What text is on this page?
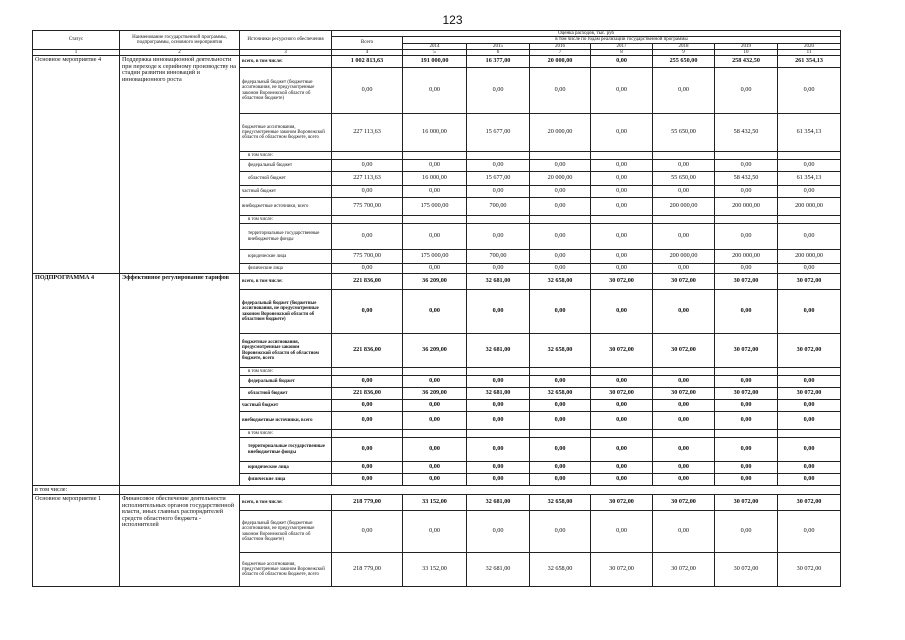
123
Статус	Наименование государственной программы, подпрограммы, основного мероприятия	Источники ресурсного обеспечения	Оценка расходов, тыс. руб							
			Всего	в том числе по годам реализации государственной программы						
				2014	2015	2016	2017	2018	2019	2020
1	2	3	4	5	6	7	8	9	10	11
Основное мероприятие 4	Поддержка инновационной деятельности при переходе к серийному производству на стадии развития инноваций и инновационного роста	всего, в том числе:	1 002 813,63	191 000,00	16 377,00	20 000,00	0,00	255 650,00	258 432,50	261 354,13
		федеральный бюджет (бюджетные ассигнования, не предусмотренные законом Воронежской области об областном бюджете)	0,00	0,00	0,00	0,00	0,00	0,00	0,00	0,00
		бюджетные ассигнования, предусмотренные законом Воронежской области об областном бюджете, всего	227 113,63	16 000,00	15 677,00	20 000,00	0,00	55 650,00	58 432,50	61 354,13
		в том числе:								
		федеральный бюджет	0,00	0,00	0,00	0,00	0,00	0,00	0,00	0,00
		областной бюджет	227 113,63	16 000,00	15 677,00	20 000,00	0,00	55 650,00	58 432,50	61 354,13
		частный бюджет	0,00	0,00	0,00	0,00	0,00	0,00	0,00	0,00
		внебюджетные источники, всего	775 700,00	175 000,00	700,00	0,00	0,00	200 000,00	200 000,00	200 000,00
		в том числе:								
		территориальные государственные внебюджетные фонды	0,00	0,00	0,00	0,00	0,00	0,00	0,00	0,00
		юридические лица	775 700,00	175 000,00	700,00	0,00	0,00	200 000,00	200 000,00	200 000,00
		физические лица	0,00	0,00	0,00	0,00	0,00	0,00	0,00	0,00
ПОДПРОГРАММА 4	Эффективное регулирование тарифов	всего, в том числе:	221 836,00	36 209,00	32 681,00	32 658,00	30 072,00	30 072,00	30 072,00	30 072,00
		федеральный бюджет (бюджетные ассигнования, не предусмотренные законом Воронежской области об областном бюджете)	0,00	0,00	0,00	0,00	0,00	0,00	0,00	0,00
		бюджетные ассигнования, предусмотренные законом Воронежской области об областном бюджете, всего	221 836,00	36 209,00	32 681,00	32 658,00	30 072,00	30 072,00	30 072,00	30 072,00
		в том числе:								
		федеральный бюджет	0,00	0,00	0,00	0,00	0,00	0,00	0,00	0,00
		областной бюджет	221 836,00	36 209,00	32 681,00	32 658,00	30 072,00	30 072,00	30 072,00	30 072,00
		частный бюджет	0,00	0,00	0,00	0,00	0,00	0,00	0,00	0,00
		внебюджетные источники, всего	0,00	0,00	0,00	0,00	0,00	0,00	0,00	0,00
		в том числе:								
		территориальные государственные внебюджетные фонды	0,00	0,00	0,00	0,00	0,00	0,00	0,00	0,00
		юридические лица	0,00	0,00	0,00	0,00	0,00	0,00	0,00	0,00
		физические лица	0,00	0,00	0,00	0,00	0,00	0,00	0,00	0,00
в том числе:										
Основное мероприятие 1	Финансовое обеспечение деятельности исполнительных органов государственной власти, иных главных распорядителей средств областного бюджета - исполнителей	всего, в том числе:	218 779,00	33 152,00	32 681,00	32 658,00	30 072,00	30 072,00	30 072,00	30 072,00
		федеральный бюджет (бюджетные ассигнования, не предусмотренные законом Воронежской области об областном бюджете)	0,00	0,00	0,00	0,00	0,00	0,00	0,00	0,00
		бюджетные ассигнования, предусмотренные законом Воронежской области об областном бюджете, всего	218 779,00	33 152,00	32 681,00	32 658,00	30 072,00	30 072,00	30 072,00	30 072,00
